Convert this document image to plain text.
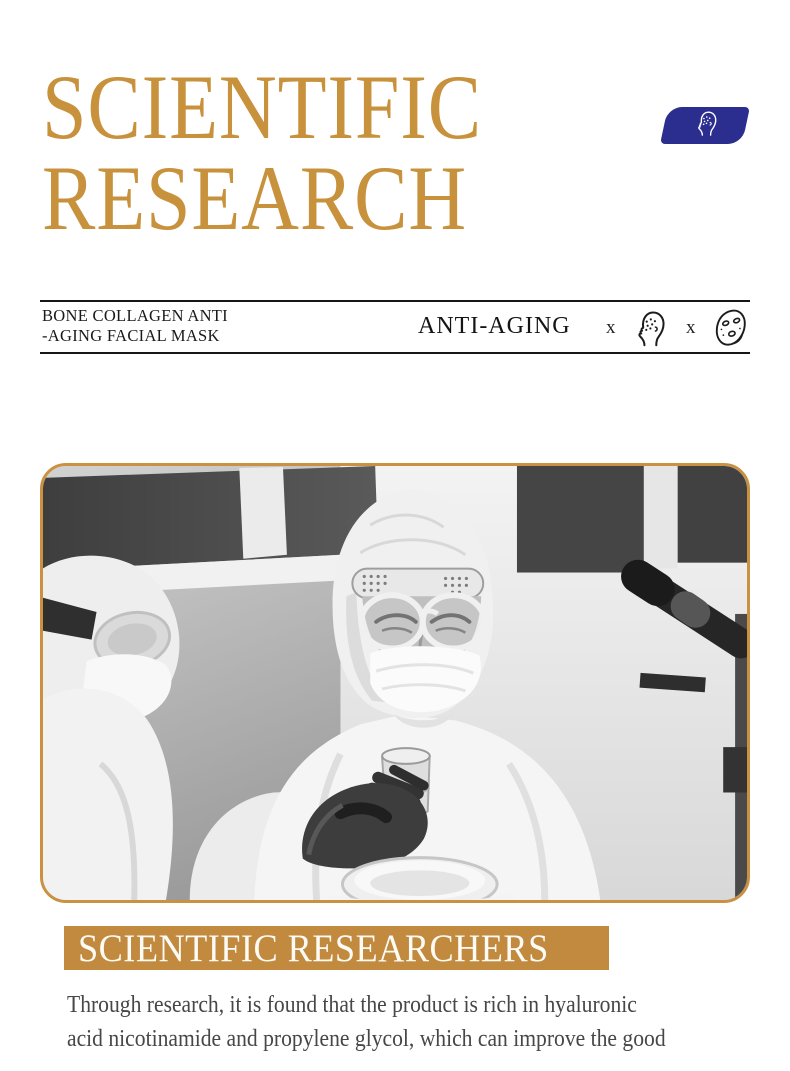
SCIENTIFIC
RESEARCH
BONE COLLAGEN ANTI
-AGING FACIAL MASK	ANTI-AGING x	x
SCIENTIFIC RESEARCHERS
Through research, it is found that the product is rich in hyaluronic
acid nicotinamide and propylene glycol, which can improve the good
